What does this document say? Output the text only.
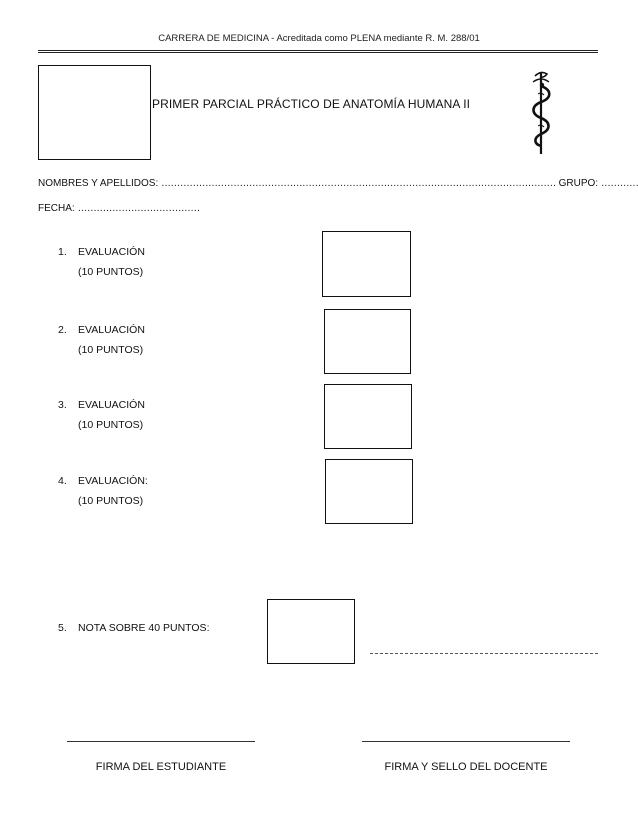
CARRERA DE MEDICINA - Acreditada como PLENA mediante R. M. 288/01
PRIMER PARCIAL PRÁCTICO DE ANATOMÍA HUMANA II
NOMBRES Y APELLIDOS: ……………………………………………………………………………………………………………… GRUPO: …………
FECHA: …………………………………
1. EVALUACIÓN
(10 PUNTOS)
2. EVALUACIÓN
(10 PUNTOS)
3. EVALUACIÓN
(10 PUNTOS)
4. EVALUACIÓN:
(10 PUNTOS)
5. NOTA SOBRE 40 PUNTOS:
FIRMA DEL ESTUDIANTE	FIRMA Y SELLO DEL DOCENTE
